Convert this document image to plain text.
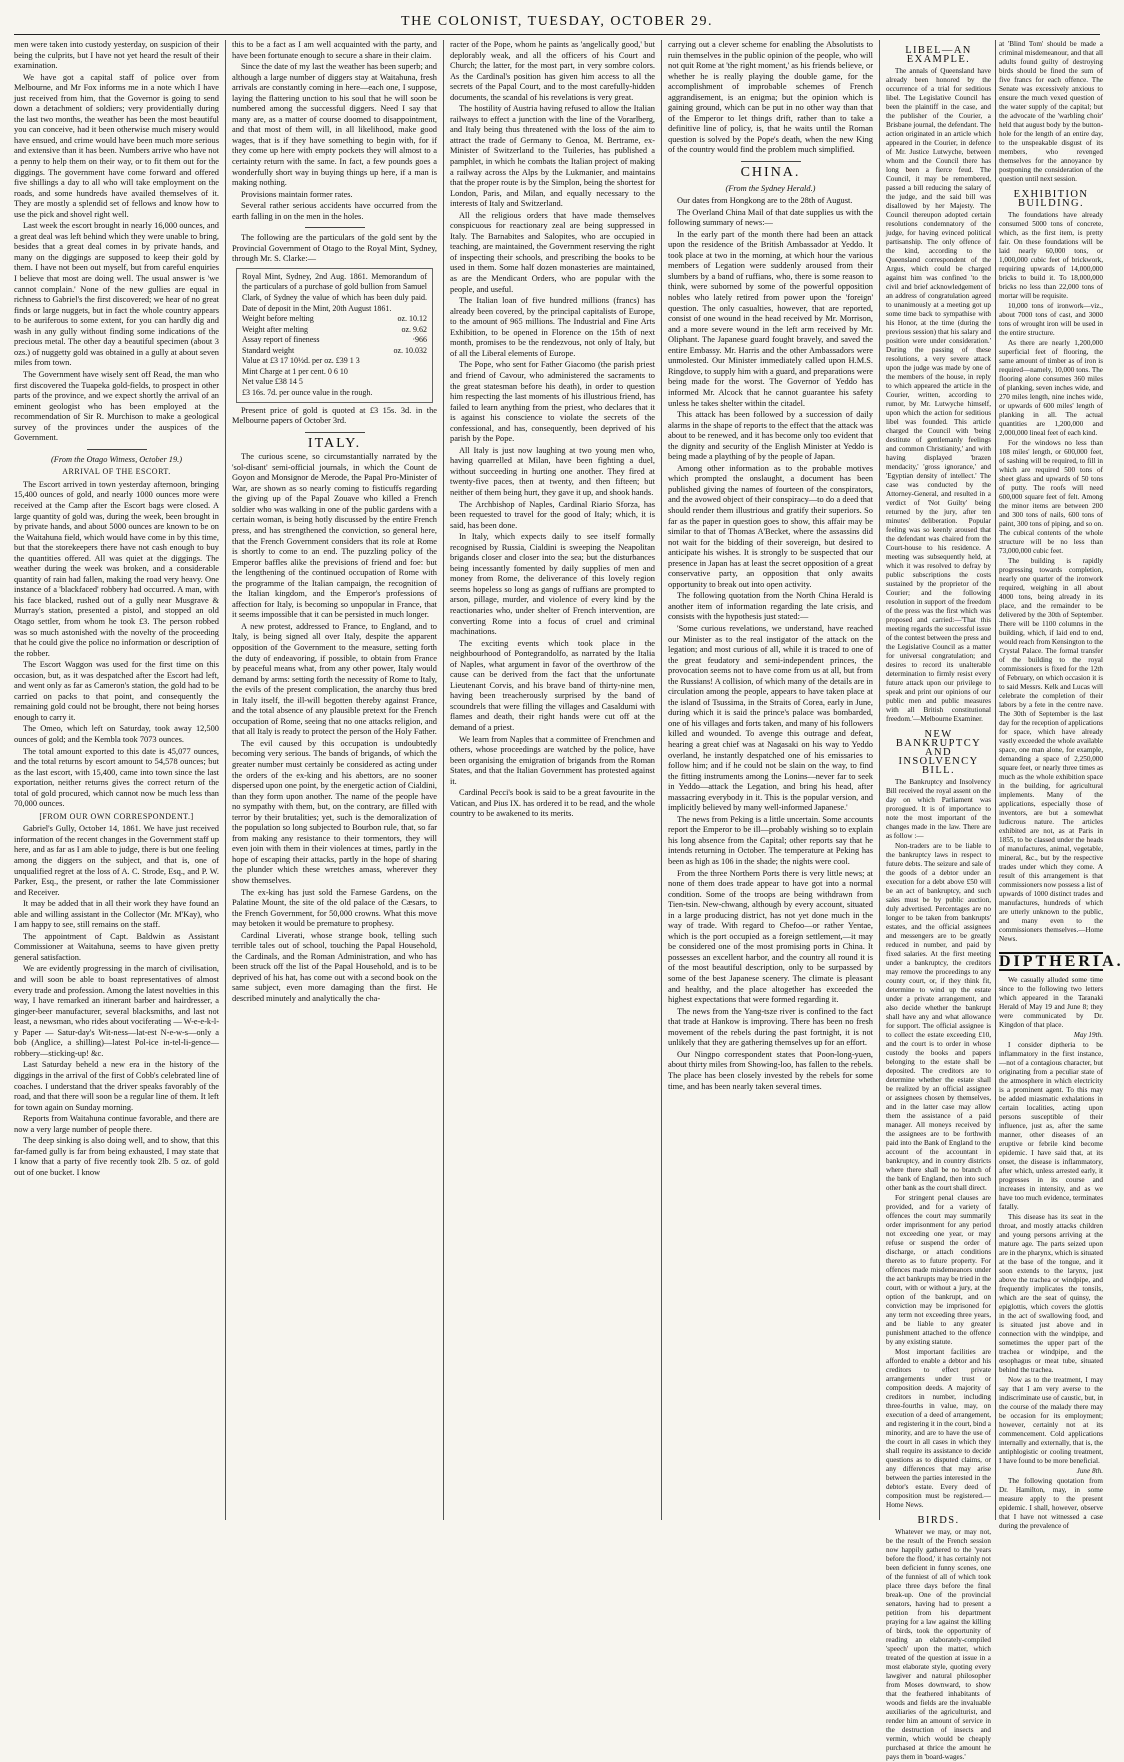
THE COLONIST, TUESDAY, OCTOBER 29.

men were taken into custody yesterday, on suspicion of their being the culprits, but I have not yet heard the result of their examination.

We have got a capital staff of police over from Melbourne, and Mr Fox informs me in a note which I have just received from him, that the Governor is going to send down a detachment of soldiers; very providentially during the last two months, the weather has been the most beautiful you can conceive, had it been otherwise much misery would have ensued, and crime would have been much more serious and extensive than it has been. Numbers arrive who have not a penny to help them on their way, or to fit them out for the diggings. The government have come forward and offered five shillings a day to all who will take employment on the roads, and some hundreds have availed themselves of it. They are mostly a splendid set of fellows and know how to use the pick and shovel right well.

Last week the escort brought in nearly 16,000 ounces, and a great deal was left behind which they were unable to bring, besides that a great deal comes in by private hands, and many on the diggings are supposed to keep their gold by them. I have not been out myself, but from careful enquiries I believe that most are doing well. The usual answer is 'we cannot complain.' None of the new gullies are equal in richness to Gabriel's the first discovered; we hear of no great finds or large nuggets, but in fact the whole country appears to be auriferous to some extent, for you can hardly dig and wash in any gully without finding some indications of the precious metal. The other day a beautiful specimen (about 3 ozs.) of nuggetty gold was obtained in a gully at about seven miles from town.

The Government have wisely sent off Read, the man who first discovered the Tuapeka gold-fields, to prospect in other parts of the province, and we expect shortly the arrival of an eminent geologist who has been employed at the recommendation of Sir R. Murchison to make a geological survey of the provinces under the auspices of the Government.

(From the Otago Witness, October 19.)

ARRIVAL OF THE ESCORT.

The Escort arrived in town yesterday afternoon, bringing 15,400 ounces of gold, and nearly 1000 ounces more were received at the Camp after the Escort bags were closed. A large quantity of gold was, during the week, been brought in by private hands, and about 5000 ounces are known to be on the Waitahuna field, which would have come in by this time, but that the storekeepers there have not cash enough to buy the quantities offered. All was quiet at the diggings. The weather during the week was broken, and a considerable quantity of rain had fallen, making the road very heavy. One instance of a 'blackfaced' robbery had occurred. A man, with his face blacked, rushed out of a gully near Musgrave & Murray's station, presented a pistol, and stopped an old Otago settler, from whom he took £3. The person robbed was so much astonished with the novelty of the proceeding that he could give the police no information or description of the robber.

The Escort Waggon was used for the first time on this occasion, but, as it was despatched after the Escort had left, and went only as far as Cameron's station, the gold had to be carried on packs to that point, and consequently the remaining gold could not be brought, there not being horses enough to carry it.

The Omeo, which left on Saturday, took away 12,500 ounces of gold; and the Kembla took 7073 ounces.

The total amount exported to this date is 45,077 ounces, and the total returns by escort amount to 54,578 ounces; but as the last escort, with 15,400, came into town since the last exportation, neither returns gives the correct return of the total of gold procured, which cannot now be much less than 70,000 ounces.

[FROM OUR OWN CORRESPONDENT.]

Gabriel's Gully, October 14, 1861. We have just received information of the recent changes in the Government staff up here, and as far as I am able to judge, there is but one feeling among the diggers on the subject, and that is, one of unqualified regret at the loss of A. C. Strode, Esq., and P. W. Parker, Esq., the present, or rather the late Commissioner and Receiver.

It may be added that in all their work they have found an able and willing assistant in the Collector (Mr. M'Kay), who I am happy to see, still remains on the staff.

The appointment of Capt. Baldwin as Assistant Commissioner at Waitahuna, seems to have given pretty general satisfaction.

We are evidently progressing in the march of civilisation, and will soon be able to boast representatives of almost every trade and profession. Among the latest novelties in this way, I have remarked an itinerant barber and hairdresser, a ginger-beer manufacturer, several blacksmiths, and last not least, a newsman, who rides about vociferating — W-e-e-k-l-y Paper — Satur-day's Wit-ness—lat-est N-e-w-s—only a bob (Anglice, a shilling)—latest Pol-ice in-tel-li-gence—robbery—sticking-up! &c.

Last Saturday beheld a new era in the history of the diggings in the arrival of the first of Cobb's celebrated line of coaches. I understand that the driver speaks favorably of the road, and that there will soon be a regular line of them. It left for town again on Sunday morning.

Reports from Waitahuna continue favorable, and there are now a very large number of people there.

The deep sinking is also doing well, and to show, that this far-famed gully is far from being exhausted, I may state that I know that a party of five recently took 2lb. 5 oz. of gold out of one bucket. I know

this to be a fact as I am well acquainted with the party, and have been fortunate enough to secure a share in their claim.

Since the date of my last the weather has been superb; and although a large number of diggers stay at Waitahuna, fresh arrivals are constantly coming in here—each one, I suppose, laying the flattering unction to his soul that he will soon be numbered among the successful diggers. Need I say that many are, as a matter of course doomed to disappointment, and that most of them will, in all likelihood, make good wages, that is if they have something to begin with, for if they come up here with empty pockets they will almost to a certainty return with the same. In fact, a few pounds goes a wonderfully short way in buying things up here, if a man is making nothing.

Provisions maintain former rates.

Several rather serious accidents have occurred from the earth falling in on the men in the holes.

The following are the particulars of the gold sent by the Provincial Government of Otago to the Royal Mint, Sydney, through Mr. S. Clarke:—

Royal Mint, Sydney, 2nd Aug. 1861. Memorandum of the particulars of a purchase of gold bullion from Samuel Clark, of Sydney the value of which has been duly paid. Date of deposit in the Mint, 20th August 1861.
Weight before melting	oz. 10.12
Weight after melting	oz. 9.62
Assay report of fineness	·966
Standard weight	oz. 10.032
Value at £3 17 10½d. per oz. £39 1 3
Mint Charge at 1 per cent. 0 6 10
Net value £38 14 5
£3 16s. 7d. per ounce value in the rough.

Present price of gold is quoted at £3 15s. 3d. in the Melbourne papers of October 3rd.

ITALY.

The curious scene, so circumstantially narrated by the 'sol-disant' semi-official journals, in which the Count de Goyon and Monsignor de Merode, the Papal Pro-Minister of War, are shown as so nearly coming to fisticuffs regarding the giving up of the Papal Zouave who killed a French soldier who was walking in one of the public gardens with a certain woman, is being hotly discussed by the entire French press, and has strengthened the conviction, so general here, that the French Government considers that its role at Rome is shortly to come to an end. The puzzling policy of the Emperor baffles alike the previsions of friend and foe: but the lengthening of the continued occupation of Rome with the programme of the Italian campaign, the recognition of the Italian kingdom, and the Emperor's professions of affection for Italy, is becoming so unpopular in France, that it seems impossible that it can be persisted in much longer.

A new protest, addressed to France, to England, and to Italy, is being signed all over Italy, despite the apparent opposition of the Government to the measure, setting forth the duty of endeavoring, if possible, to obtain from France by peaceful means what, from any other power, Italy would demand by arms: setting forth the necessity of Rome to Italy, the evils of the present complication, the anarchy thus bred in Italy itself, the ill-will begotten thereby against France, and the total absence of any plausible pretext for the French occupation of Rome, seeing that no one attacks religion, and that all Italy is ready to protect the person of the Holy Father.

The evil caused by this occupation is undoubtedly becoming very serious. The bands of brigands, of which the greater number must certainly be considered as acting under the orders of the ex-king and his abettors, are no sooner dispersed upon one point, by the energetic action of Cialdini, than they form upon another. The name of the people have no sympathy with them, but, on the contrary, are filled with terror by their brutalities; yet, such is the demoralization of the population so long subjected to Bourbon rule, that, so far from making any resistance to their tormentors, they will even join with them in their violences at times, partly in the hope of escaping their attacks, partly in the hope of sharing the plunder which these wretches amass, wherever they show themselves.

The ex-king has just sold the Farnese Gardens, on the Palatine Mount, the site of the old palace of the Cæsars, to the French Government, for 50,000 crowns. What this move may betoken it would be premature to prophesy.

Cardinal Liverati, whose strange book, telling such terrible tales out of school, touching the Papal Household, the Cardinals, and the Roman Administration, and who has been struck off the list of the Papal Household, and is to be deprived of his hat, has come out with a second book on the same subject, even more damaging than the first. He described minutely and analytically the cha-

racter of the Pope, whom he paints as 'angelically good,' but deplorably weak, and all the officers of his Court and Church; the latter, for the most part, in very sombre colors. As the Cardinal's position has given him access to all the secrets of the Papal Court, and to the most carefully-hidden documents, the scandal of his revelations is very great.

The hostility of Austria having refused to allow the Italian railways to effect a junction with the line of the Vorarlberg, and Italy being thus threatened with the loss of the aim to attract the trade of Germany to Genoa, M. Bertrame, ex-Minister of Switzerland to the Tuileries, has published a pamphlet, in which he combats the Italian project of making a railway across the Alps by the Lukmanier, and maintains that the proper route is by the Simplon, being the shortest for London, Paris, and Milan, and equally necessary to the interests of Italy and Switzerland.

All the religious orders that have made themselves conspicuous for reactionary zeal are being suppressed in Italy. The Barnabites and Salopites, who are occupied in teaching, are maintained, the Government reserving the right of inspecting their schools, and prescribing the books to be used in them. Some half dozen monasteries are maintained, as are the Mendicant Orders, who are popular with the people, and useful.

The Italian loan of five hundred millions (francs) has already been covered, by the principal capitalists of Europe, to the amount of 965 millions. The Industrial and Fine Arts Exhibition, to be opened in Florence on the 15th of next month, promises to be the rendezvous, not only of Italy, but of all the Liberal elements of Europe.

The Pope, who sent for Father Giacomo (the parish priest and friend of Cavour, who administered the sacraments to the great statesman before his death), in order to question him respecting the last moments of his illustrious friend, has failed to learn anything from the priest, who declares that it is against his conscience to violate the secrets of the confessional, and has, consequently, been deprived of his parish by the Pope.

All Italy is just now laughing at two young men who, having quarrelled at Milan, have been fighting a duel, without succeeding in hurting one another. They fired at twenty-five paces, then at twenty, and then fifteen; but neither of them being hurt, they gave it up, and shook hands.

The Archbishop of Naples, Cardinal Riario Sforza, has been requested to travel for the good of Italy; which, it is said, has been done.

In Italy, which expects daily to see itself formally recognised by Russia, Cialdini is sweeping the Neapolitan brigands closer and closer into the sea; but the disturbances being incessantly fomented by daily supplies of men and money from Rome, the deliverance of this lovely region seems hopeless so long as gangs of ruffians are prompted to arson, pillage, murder, and violence of every kind by the reactionaries who, under shelter of French intervention, are converting Rome into a focus of cruel and criminal machinations.

The exciting events which took place in the neighbourhood of Pontegrandolfo, as narrated by the Italia of Naples, what argument in favor of the overthrow of the cause can be derived from the fact that the unfortunate Lieutenant Corvis, and his brave band of thirty-nine men, having been treacherously surprised by the band of scoundrels that were filling the villages and Casaldumi with flames and death, their right hands were cut off at the demand of a priest.

We learn from Naples that a committee of Frenchmen and others, whose proceedings are watched by the police, have been organising the emigration of brigands from the Roman States, and that the Italian Government has protested against it.

Cardinal Pecci's book is said to be a great favourite in the Vatican, and Pius IX. has ordered it to be read, and the whole country to be awakened to its merits.

carrying out a clever scheme for enabling the Absolutists to ruin themselves in the public opinion of the people, who will not quit Rome at 'the right moment,' as his friends believe, or whether he is really playing the double game, for the accomplishment of improbable schemes of French aggrandisement, is an enigma; but the opinion which is gaining ground, which can be put in no other way than that of the Emperor to let things drift, rather than to take a definitive line of policy, is, that he waits until the Roman question is solved by the Pope's death, when the new King of the country would find the problem much simplified.

CHINA.

(From the Sydney Herald.)

Our dates from Hongkong are to the 28th of August.

The Overland China Mail of that date supplies us with the following summary of news:—

In the early part of the month there had been an attack upon the residence of the British Ambassador at Yeddo. It took place at two in the morning, at which hour the various members of Legation were suddenly aroused from their slumbers by a band of ruffians, who, there is some reason to think, were suborned by some of the powerful opposition nobles who lately retired from power upon the 'foreign' question. The only casualties, however, that are reported, consist of one wound in the head received by Mr. Morrison, and a more severe wound in the left arm received by Mr. Oliphant. The Japanese guard fought bravely, and saved the entire Embassy. Mr. Harris and the other Ambassadors were unmolested. Our Minister immediately called upon H.M.S. Ringdove, to supply him with a guard, and preparations were being made for the worst. The Governor of Yeddo has informed Mr. Alcock that he cannot guarantee his safety unless he takes shelter within the citadel.

This attack has been followed by a succession of daily alarms in the shape of reports to the effect that the attack was about to be renewed, and it has become only too evident that the dignity and security of the English Minister at Yeddo is being made a plaything of by the people of Japan.

Among other information as to the probable motives which prompted the onslaught, a document has been published giving the names of fourteen of the conspirators, and the avowed object of their conspiracy—to do a deed that should render them illustrious and gratify their superiors. So far as the paper in question goes to show, this affair may be similar to that of Thomas A'Becket, where the assassins did not wait for the bidding of their sovereign, but desired to anticipate his wishes. It is strongly to be suspected that our presence in Japan has at least the secret opposition of a great conservative party, an opposition that only awaits opportunity to break out into open activity.

The following quotation from the North China Herald is another item of information regarding the late crisis, and consists with the hypothesis just stated:—

'Some curious revelations, we understand, have reached our Minister as to the real instigator of the attack on the legation; and most curious of all, while it is traced to one of the great feudatory and semi-independent princes, the provocation seems not to have come from us at all, but from the Russians! A collision, of which many of the details are in circulation among the people, appears to have taken place at the island of Tsussima, in the Straits of Corea, early in June, during which it is said the prince's palace was bombarded, one of his villages and forts taken, and many of his followers killed and wounded. To avenge this outrage and defeat, hearing a great chief was at Nagasaki on his way to Yeddo overland, he instantly despatched one of his emissaries to follow him; and if he could not be slain on the way, to find the fitting instruments among the Lonins—never far to seek in Yeddo—attack the Legation, and bring his head, after massacring everybody in it. This is the popular version, and implicitly believed by many well-informed Japanese.'

The news from Peking is a little uncertain. Some accounts report the Emperor to be ill—probably wishing so to explain his long absence from the Capital; other reports say that he intends returning in October. The temperature at Peking has been as high as 106 in the shade; the nights were cool.

From the three Northern Ports there is very little news; at none of them does trade appear to have got into a normal condition. Some of the troops are being withdrawn from Tien-tsin. New-chwang, although by every account, situated in a large producing district, has not yet done much in the way of trade. With regard to Chefoo—or rather Yentae, which is the port occupied as a foreign settlement,—it may be considered one of the most promising ports in China. It possesses an excellent harbor, and the country all round it is of the most beautiful description, only to be surpassed by some of the best Japanese scenery. The climate is pleasant and healthy, and the place altogether has exceeded the highest expectations that were formed regarding it.

The news from the Yang-tsze river is confined to the fact that trade at Hankow is improving. There has been no fresh movement of the rebels during the past fortnight, it is not unlikely that they are gathering themselves up for an effort.

Our Ningpo correspondent states that Poon-long-yuen, about thirty miles from Showing-loo, has fallen to the rebels. The place has been closely invested by the rebels for some time, and has been nearly taken several times.

LIBEL—AN EXAMPLE.

The annals of Queensland have already been honored by the occurrence of a trial for seditious libel. The Legislative Council has been the plaintiff in the case, and the publisher of the Courier, a Brisbane journal, the defendant. The action originated in an article which appeared in the Courier, in defence of Mr. Justice Lutwyche, between whom and the Council there has long been a fierce feud. The Council, it may be remembered, passed a bill reducing the salary of the judge, and the said bill was disallowed by her Majesty. The Council thereupon adopted certain resolutions condemnatory of the judge, for having evinced political partisanship. The only offence of the kind, according to the Queensland correspondent of the Argus, which could be charged against him was confined 'to the civil and brief acknowledgement of an address of congratulation agreed to unanimously at a meeting got up some time back to sympathise with his Honor, at the time (during the previous session) that his salary and position were under consideration.' During the passing of these resolutions, a very severe attack upon the judge was made by one of the members of the house, in reply to which appeared the article in the Courier, written, according to rumor, by Mr. Lutwyche himself, upon which the action for seditious libel was founded. This article charged the Council with 'being destitute of gentlemanly feelings and common Christianity,' and with having displayed 'brazen mendacity,' 'gross ignorance,' and 'Egyptian density of intellect.' The case was conducted by the Attorney-General, and resulted in a verdict of 'Not Guilty' being returned by the jury, after ten minutes' deliberation. Popular feeling was so keenly aroused that the defendant was chaired from the Court-house to his residence. A meeting was subsequently held, at which it was resolved to defray by public subscriptions the costs sustained by the proprietor of the Courier; and the following resolution in support of the freedom of the press was the first which was proposed and carried:—'That this meeting regards the successful issue of the contest between the press and the Legislative Council as a matter for universal congratulation; and desires to record its unalterable determination to firmly resist every future attack upon our privilege to speak and print our opinions of our public men and public measures with all British constitutional freedom.'—Melbourne Examiner.

NEW BANKRUPTCY AND INSOLVENCY BILL.

The Bankruptcy and Insolvency Bill received the royal assent on the day on which Parliament was prorogued. It is of importance to note the most important of the changes made in the law. There are as follow :—

Non-traders are to be liable to the bankruptcy laws in respect to future debts. The seizure and sale of the goods of a debtor under an execution for a debt above £50 will be an act of bankruptcy, and such sales must be by public auction, duly advertised. Percentages are no longer to be taken from bankrupts' estates, and the official assignees and messengers are to be greatly reduced in number, and paid by fixed salaries. At the first meeting under a bankruptcy, the creditors may remove the proceedings to any county court, or, if they think fit, determine to wind up the estate under a private arrangement, and also decide whether the bankrupt shall have any and what allowance for support. The official assignee is to collect the estate exceeding £10, and the court is to order in whose custody the books and papers belonging to the estate shall be deposited. The creditors are to determine whether the estate shall be realized by an official assignee or assignees chosen by themselves, and in the latter case may allow them the assistance of a paid manager. All moneys received by the assignees are to be forthwith paid into the Bank of England to the account of the accountant in bankruptcy, and in country districts where there shall be no branch of the bank of England, then into such other bank as the court shall direct.

For stringent penal clauses are provided, and for a variety of offences the court may summarily order imprisonment for any period not exceeding one year, or may refuse or suspend the order of discharge, or attach conditions thereto as to future property. For offences made misdemeanors under the act bankrupts may be tried in the court, with or without a jury, at the option of the bankrupt, and on conviction may be imprisoned for any term not exceeding three years, and be liable to any greater punishment attached to the offence by any existing statute.

Most important facilities are afforded to enable a debtor and his creditors to effect private arrangements under trust or composition deeds. A majority of creditors in number, including three-fourths in value, may, on execution of a deed of arrangement, and registering it in the court, bind a minority, and are to have the use of the court in all cases in which they shall require its assistance to decide questions as to disputed claims, or any differences that may arise between the parties interested in the debtor's estate. Every deed of composition must be registered.—Home News.

BIRDS.

Whatever we may, or may not, be the result of the French session now happily gathered to the 'years before the flood,' it has certainly not been deficient in funny scenes, one of the funniest of all of which took place three days before the final break-up. One of the provincial senators, having had to present a petition from his department praying for a law against the killing of birds, took the opportunity of reading an elaborately-compiled 'speech' upon the matter, which treated of the question at issue in a most elaborate style, quoting every lawgiver and natural philosopher from Moses downward, to show that the feathered inhabitants of woods and fields are the invaluable auxiliaries of the agriculturist, and render him an amount of service in the destruction of insects and vermin, which would be cheaply purchased at thrice the amount he pays them in 'board-wages.'

at 'Blind Tom' should be made a criminal misdemeanour, and that all adults found guilty of destroying birds should be fined the sum of five francs for each offence. The Senate was excessively anxious to ensure the much vexed question of the water supply of the capital; but the advocate of the 'warbling choir' held that august body by the button-hole for the length of an entire day, to the unspeakable disgust of its members, who revenged themselves for the annoyance by postponing the consideration of the question until next session.

EXHIBITION BUILDING.

The foundations have already consumed 5000 tons of concrete, which, as the first item, is pretty fair. On these foundations will be laid nearly 60,000 tons, or 1,000,000 cubic feet of brickwork, requiring upwards of 14,000,000 bricks to build it. To 18,000,000 bricks no less than 22,000 tons of mortar will be requisite.

10,000 tons of ironwork—viz., about 7000 tons of cast, and 3000 tons of wrought iron will be used in the entire structure.

As there are nearly 1,200,000 superficial feet of flooring, the same amount of timber as of iron is required—namely, 10,000 tons. The flooring alone consumes 360 miles of planking, seven inches wide, and 270 miles length, nine inches wide, or upwards of 600 miles' length of planking in all. The actual quantities are 1,200,000 and 2,000,000 lineal feet of each kind.

For the windows no less than 108 miles' length, or 600,000 feet, of sashing will be required, to fill in which are required 500 tons of sheet glass and upwards of 50 tons of putty. The roofs will need 600,000 square feet of felt. Among the minor items are between 200 and 300 tons of nails, 600 tons of paint, 300 tons of piping, and so on. The cubical contents of the whole structure will be no less than 73,000,000 cubic feet.

The building is rapidly progressing towards completion, nearly one quarter of the ironwork required, weighing in all about 4000 tons, being already in its place, and the remainder to be delivered by the 30th of September. There will be 1100 columns in the building, which, if laid end to end, would reach from Kensington to the Crystal Palace. The formal transfer of the building to the royal commissioners is fixed for the 12th of February, on which occasion it is to said Messrs. Kelk and Lucas will celebrate the completion of their labors by a fete in the centre nave. The 30th of September is the last day for the reception of applications for space, which have already vastly exceeded the whole available space, one man alone, for example, demanding a space of 2,250,000 square feet, or nearly three times as much as the whole exhibition space in the building, for agricultural implements. Many of the applications, especially those of inventors, are but a somewhat ludicrous nature. The articles exhibited are not, as at Paris in 1855, to be classed under the heads of manufactures, animal, vegetable, mineral, &c., but by the respective trades under which they come. A result of this arrangement is that commissioners now possess a list of upwards of 1000 distinct trades and manufactures, hundreds of which are utterly unknown to the public, and many even to the commissioners themselves.—Home News.

DIPTHERIA.

We casually alluded some time since to the following two letters which appeared in the Taranaki Herald of May 19 and June 8; they were communicated by Dr. Kingdon of that place.

May 19th.

I consider diptheria to be inflammatory in the first instance,—not of a contagious character, but originating from a peculiar state of the atmosphere in which electricity is a prominent agent. To this may be added miasmatic exhalations in certain localities, acting upon persons susceptible of their influence, just as, after the same manner, other diseases of an eruptive or febrile kind become epidemic. I have said that, at its onset, the disease is inflammatory, after which, unless arrested early, it progresses in its course and increases in intensity, and as we have too much evidence, terminates fatally.

This disease has its seat in the throat, and mostly attacks children and young persons arriving at the mature age. The parts seized upon are in the pharynx, which is situated at the base of the tongue, and it soon extends to the larynx, just above the trachea or windpipe, and frequently implicates the tonsils, which are the seat of quinsy, the epiglottis, which covers the glottis in the act of swallowing food, and is situated just above and in connection with the windpipe, and sometimes the upper part of the trachea or windpipe, and the œsophagus or meat tube, situated behind the trachea.

Now as to the treatment, I may say that I am very averse to the indiscriminate use of caustic, but, in the course of the malady there may be occasion for its employment; however, certainly not at its commencement. Cold applications internally and externally, that is, the antiphlogistic or cooling treatment, I have found to be more beneficial.

June 8th.

The following quotation from Dr. Hamilton, may, in some measure apply to the present epidemic. I shall, however, observe that I have not witnessed a case during the prevalence of
